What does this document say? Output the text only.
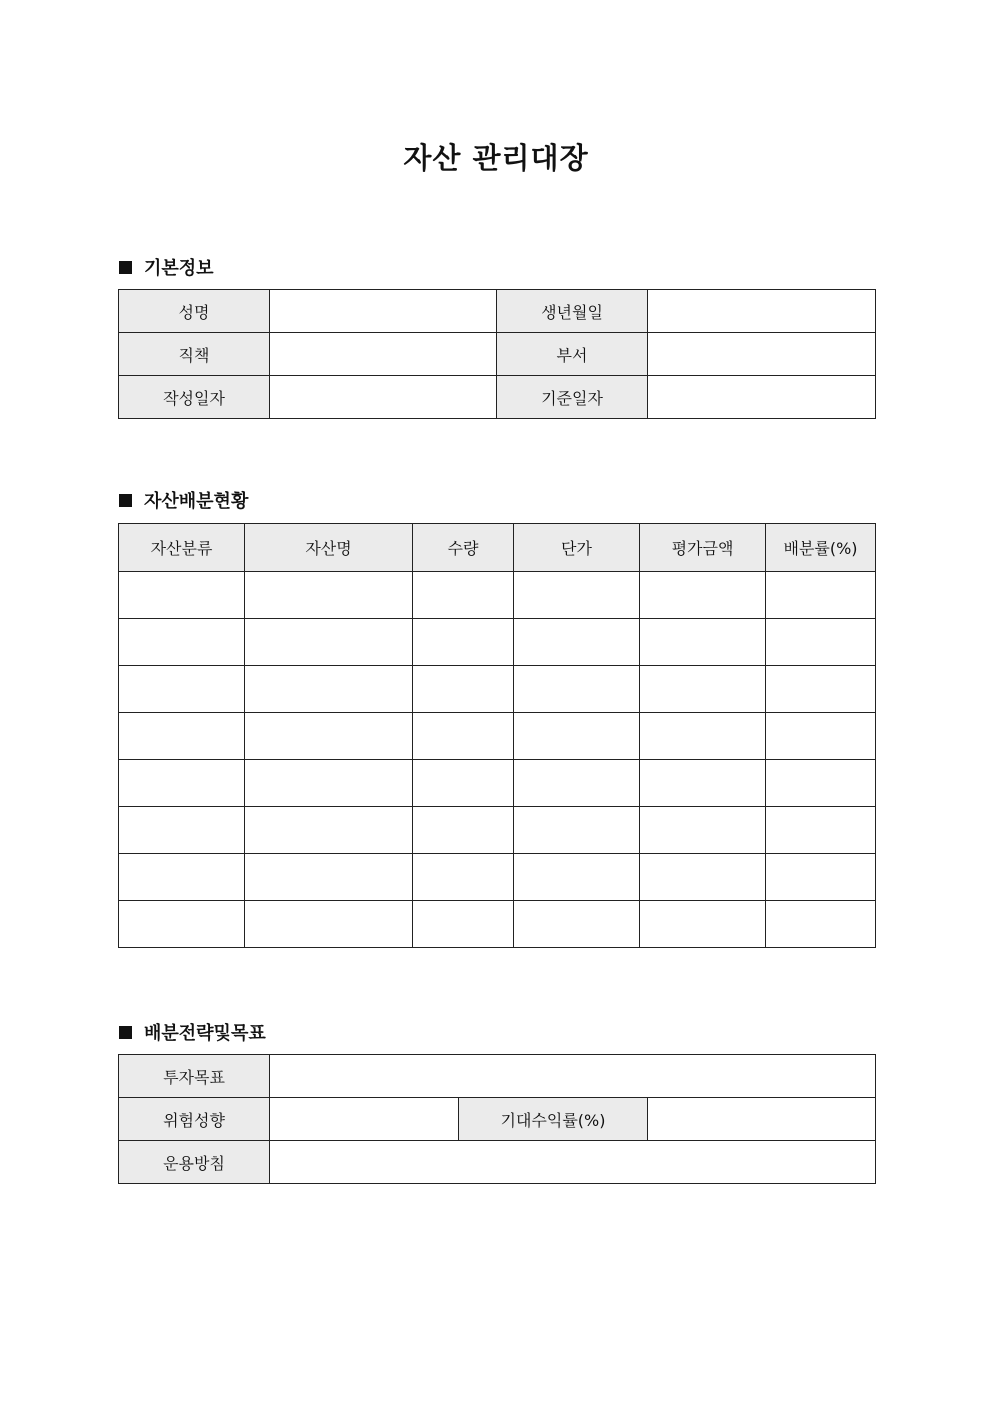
자산 관리대장
기본정보
성명		생년월일	
직책		부서	
작성일자		기준일자	
자산배분현황
자산분류	자산명	수량	단가	평가금액	배분률(%)

배분전략및목표
투자목표			
위험성향		기대수익률(%)	
운용방침			
